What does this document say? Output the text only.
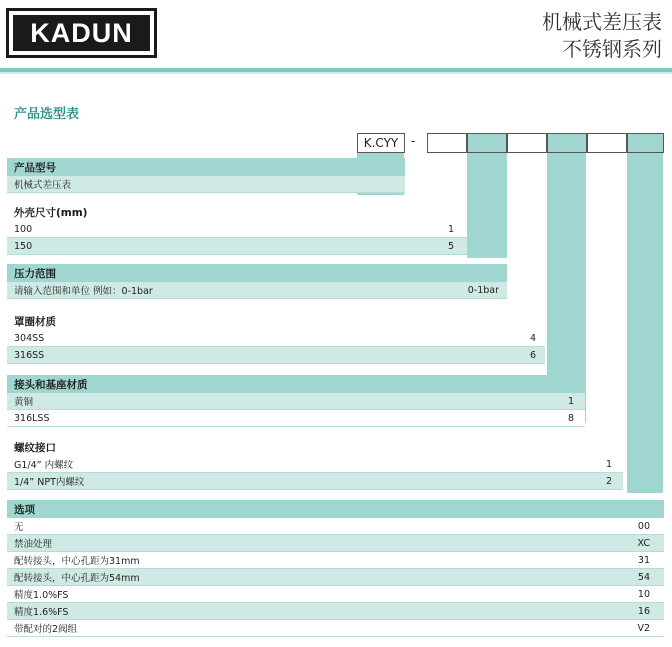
KADUN	机械式差压表
不锈钢系列
产品选型表
K.CYY -
产品型号
机械式差压表
外壳尺寸(mm)
100	1
150	5
压力范围
请输入范围和单位 例如：0-1bar	0-1bar
罩圈材质
304SS	4
316SS	6
接头和基座材质
黄铜	1
316LSS	8
螺纹接口
G1/4” 内螺纹	1
1/4” NPT内螺纹	2
选项
无	00
禁油处理	XC
配转接头，中心孔距为31mm	31
配转接头，中心孔距为54mm	54
精度1.0%FS	10
精度1.6%FS	16
带配对的2阀组	V2
